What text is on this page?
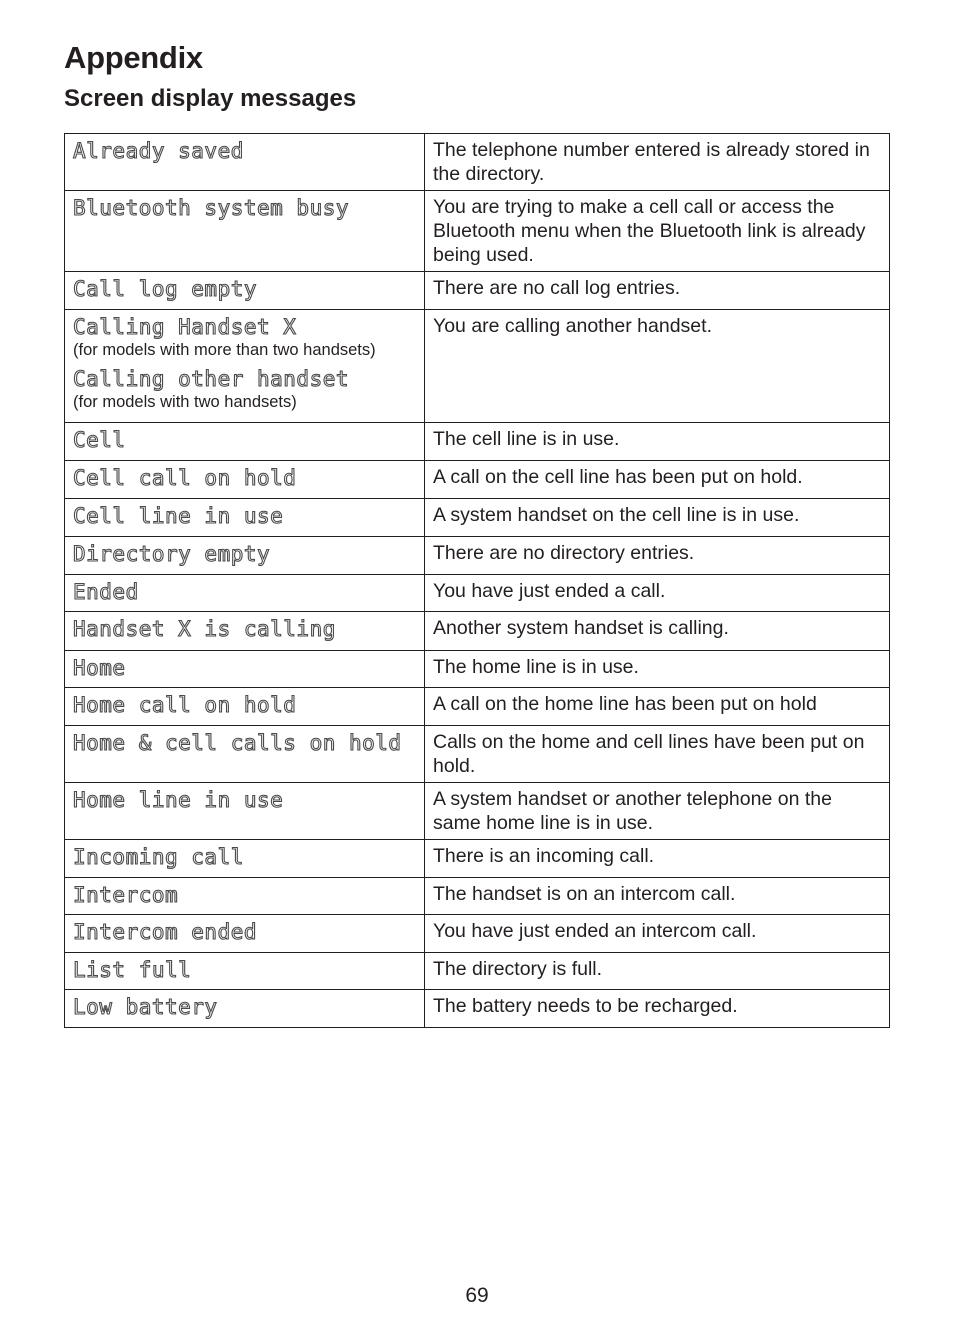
Appendix
Screen display messages
Already saved	The telephone number entered is already stored in the directory.

Bluetooth system busy	You are trying to make a cell call or access the Bluetooth menu when the Bluetooth link is already being used.

Call log empty	There are no call log entries.

Calling Handset X
(for models with more than two handsets)
Calling other handset
(for models with two handsets)	You are calling another handset.

Cell	The cell line is in use.

Cell call on hold	A call on the cell line has been put on hold.

Cell line in use	A system handset on the cell line is in use.

Directory empty	There are no directory entries.

Ended	You have just ended a call.

Handset X is calling	Another system handset is calling.

Home	The home line is in use.

Home call on hold	A call on the home line has been put on hold

Home & cell calls on hold	Calls on the home and cell lines have been put on hold.

Home line in use	A system handset or another telephone on the same home line is in use.

Incoming call	There is an incoming call.

Intercom	The handset is on an intercom call.

Intercom ended	You have just ended an intercom call.

List full	The directory is full.

Low battery	The battery needs to be recharged.
69
